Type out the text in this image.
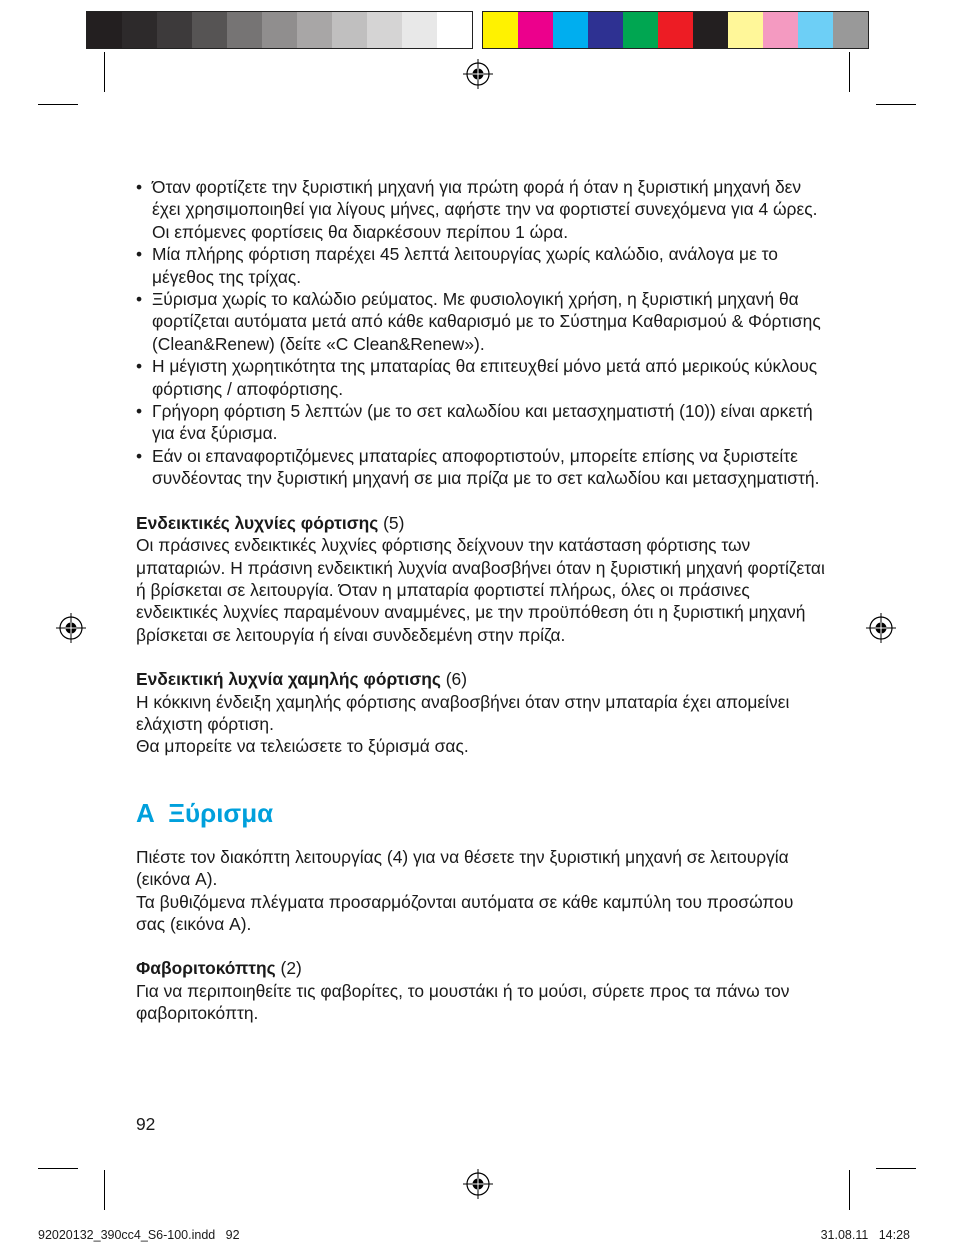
• Όταν φορτίζετε την ξυριστική μηχανή για πρώτη φορά ή όταν η ξυριστική μηχανή δεν έχει χρησιμοποιηθεί για λίγους μήνες, αφήστε την να φορτιστεί συνεχόμενα για 4 ώρες. Οι επόμενες φορτίσεις θα διαρκέσουν περίπου 1 ώρα.
• Μία πλήρης φόρτιση παρέχει 45 λεπτά λειτουργίας χωρίς καλώδιο, ανάλογα με το μέγεθος της τρίχας.
• Ξύρισμα χωρίς το καλώδιο ρεύματος. Με φυσιολογική χρήση, η ξυριστική μηχανή θα φορτίζεται αυτόματα μετά από κάθε καθαρισμό με το Σύστημα Καθαρισμού & Φόρτισης (Clean&Renew) (δείτε «C Clean&Renew»).
• Η μέγιστη χωρητικότητα της μπαταρίας θα επιτευχθεί μόνο μετά από μερικούς κύκλους φόρτισης / αποφόρτισης.
• Γρήγορη φόρτιση 5 λεπτών (με το σετ καλωδίου και μετασχηματιστή (10)) είναι αρκετή για ένα ξύρισμα.
• Εάν οι επαναφορτιζόμενες μπαταρίες αποφορτιστούν, μπορείτε επίσης να ξυριστείτε συνδέοντας την ξυριστική μηχανή σε μια πρίζα με το σετ καλωδίου και μετασχηματιστή.

Ενδεικτικές λυχνίες φόρτισης (5)

Οι πράσινες ενδεικτικές λυχνίες φόρτισης δείχνουν την κατάσταση φόρτισης των μπαταριών. Η πράσινη ενδεικτική λυχνία αναβοσβήνει όταν η ξυριστική μηχανή φορτίζεται ή βρίσκεται σε λειτουργία. Όταν η μπαταρία φορτιστεί πλήρως, όλες οι πράσινες ενδεικτικές λυχνίες παραμένουν αναμμένες, με την προϋπόθεση ότι η ξυριστική μηχανή βρίσκεται σε λειτουργία ή είναι συνδεδεμένη στην πρίζα.

Ενδεικτική λυχνία χαμηλής φόρτισης (6)

Η κόκκινη ένδειξη χαμηλής φόρτισης αναβοσβήνει όταν στην μπαταρία έχει απομείνει ελάχιστη φόρτιση.

Θα μπορείτε να τελειώσετε το ξύρισμά σας.

A  Ξύρισμα

Πιέστε τον διακόπτη λειτουργίας (4) για να θέσετε την ξυριστική μηχανή σε λειτουργία (εικόνα A).

Τα βυθιζόμενα πλέγματα προσαρμόζονται αυτόματα σε κάθε καμπύλη του προσώπου σας (εικόνα A).

Φαβοριτοκόπτης (2)

Για να περιποιηθείτε τις φαβορίτες, το μουστάκι ή το μούσι, σύρετε προς τα πάνω τον φαβοριτοκόπτη.

92
92020132_390cc4_S6-100.indd   92	31.08.11   14:28
